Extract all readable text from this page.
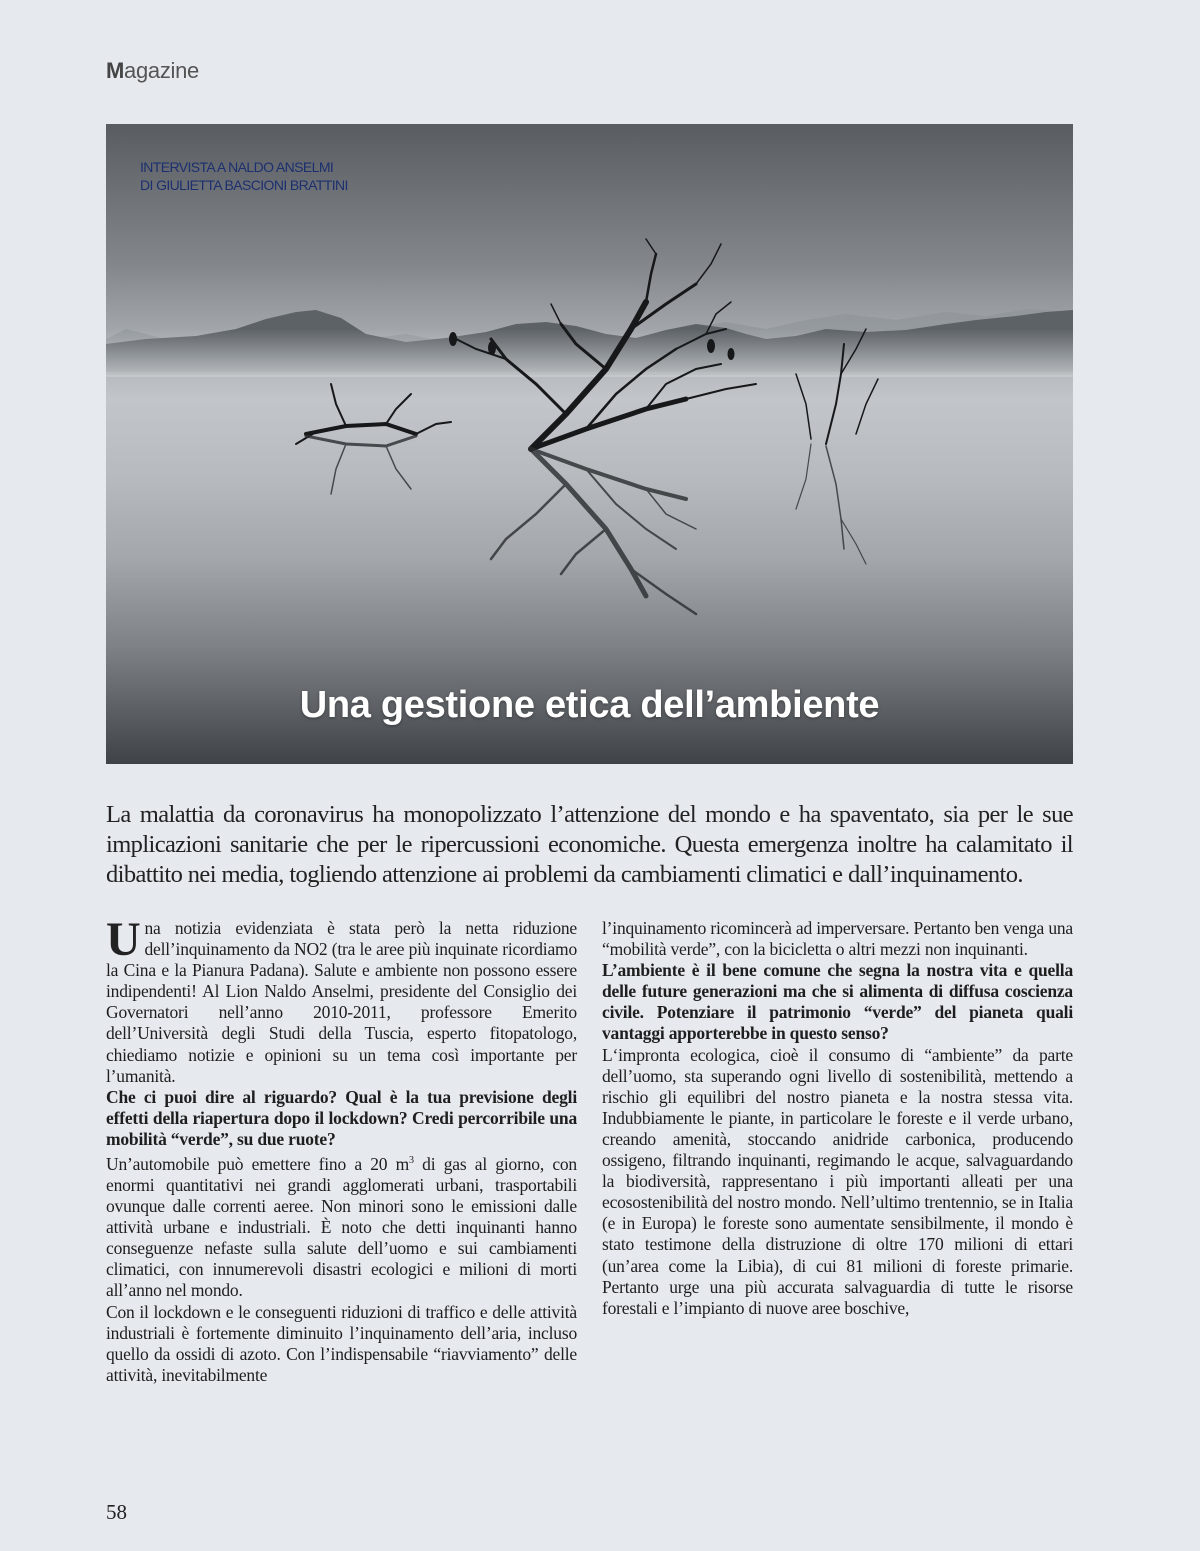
Magazine
INTERVISTA A NALDO ANSELMI
DI GIULIETTA BASCIONI BRATTINI
Una gestione etica dell’ambiente
La malattia da coronavirus ha monopolizzato l’attenzione del mondo e ha spaventato, sia per le sue implicazioni sanitarie che per le ripercussioni economiche. Questa emergenza inoltre ha calamitato il dibattito nei media, togliendo attenzione ai problemi da cambiamenti climatici e dall’inquinamento.

Una notizia evidenziata è stata però la netta riduzione dell’inquinamento da NO2 (tra le aree più inquinate ricordiamo la Cina e la Pianura Padana). Salute e ambiente non possono essere indipendenti! Al Lion Naldo Anselmi, presidente del Consiglio dei Governatori nell’anno 2010-2011, professore Emerito dell’Università degli Studi della Tuscia, esperto fitopatologo, chiediamo notizie e opinioni su un tema così importante per l’umanità.

Che ci puoi dire al riguardo? Qual è la tua previsione degli effetti della riapertura dopo il lockdown? Credi percorribile una mobilità “verde”, su due ruote?

Un’automobile può emettere fino a 20 $m^3$ di gas al giorno, con enormi quantitativi nei grandi agglomerati urbani, trasportabili ovunque dalle correnti aeree. Non minori sono le emissioni dalle attività urbane e industriali. È noto che detti inquinanti hanno conseguenze nefaste sulla salute dell’uomo e sui cambiamenti climatici, con innumerevoli disastri ecologici e milioni di morti all’anno nel mondo.

Con il lockdown e le conseguenti riduzioni di traffico e delle attività industriali è fortemente diminuito l’inquinamento dell’aria, incluso quello da ossidi di azoto. Con l’indispensabile “riavviamento” delle attività, inevitabilmente

l’inquinamento ricomincerà ad imperversare. Pertanto ben venga una “mobilità verde”, con la bicicletta o altri mezzi non inquinanti.

L’ambiente è il bene comune che segna la nostra vita e quella delle future generazioni ma che si alimenta di diffusa coscienza civile. Potenziare il patrimonio “verde” del pianeta quali vantaggi apporterebbe in questo senso?

L‘impronta ecologica, cioè il consumo di “ambiente” da parte dell’uomo, sta superando ogni livello di sostenibilità, mettendo a rischio gli equilibri del nostro pianeta e la nostra stessa vita. Indubbiamente le piante, in particolare le foreste e il verde urbano, creando amenità, stoccando anidride carbonica, producendo ossigeno, filtrando inquinanti, regimando le acque, salvaguardando la biodiversità, rappresentano i più importanti alleati per una ecosostenibilità del nostro mondo. Nell’ultimo trentennio, se in Italia (e in Europa) le foreste sono aumentate sensibilmente, il mondo è stato testimone della distruzione di oltre 170 milioni di ettari (un’area come la Libia), di cui 81 milioni di foreste primarie. Pertanto urge una più accurata salvaguardia di tutte le risorse forestali e l’impianto di nuove aree boschive,

58
